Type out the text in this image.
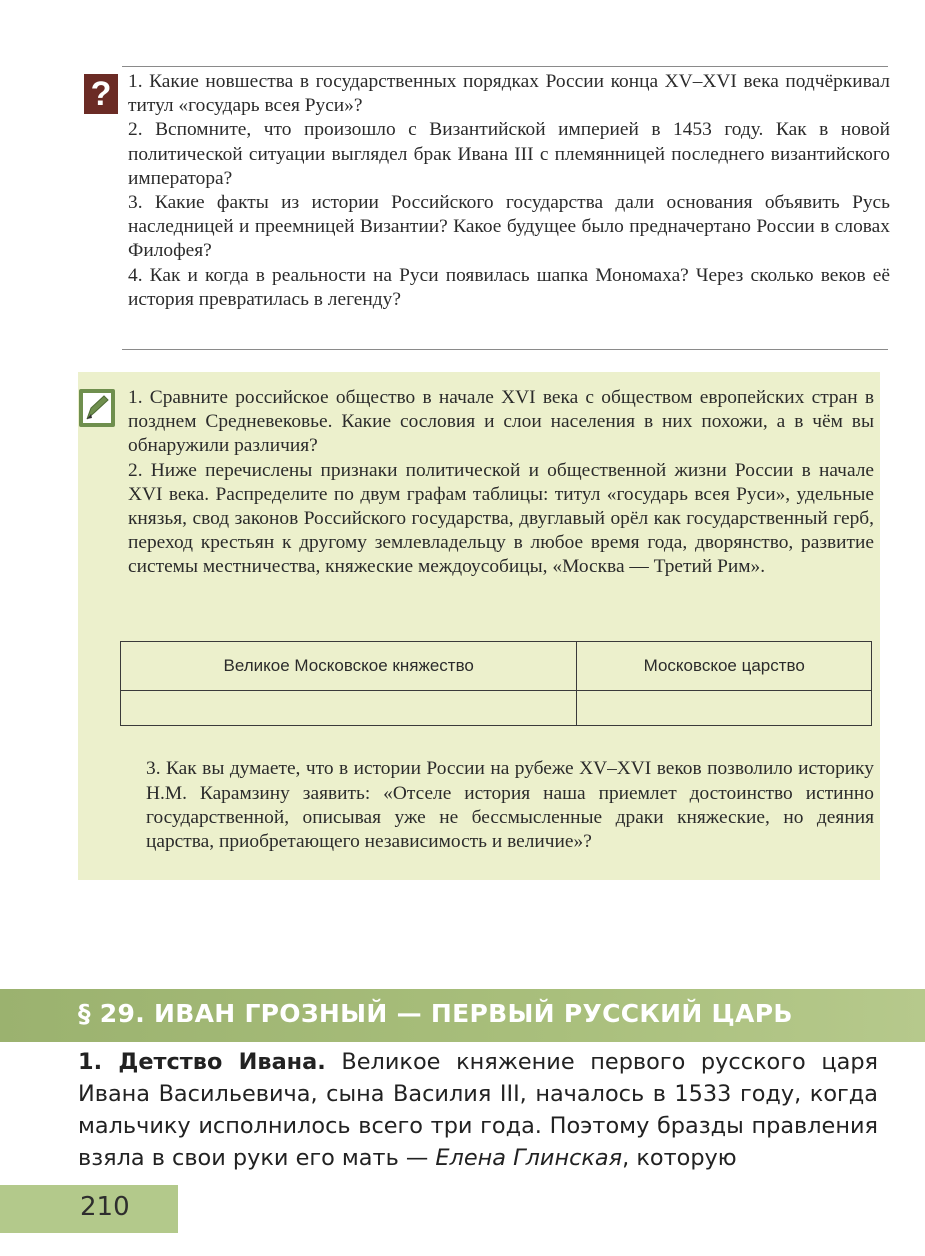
? 1. Какие новшества в государственных порядках России конца XV–XVI века подчёркивал титул «государь всея Руси»?

2. Вспомните, что произошло с Византийской империей в 1453 году. Как в новой политической ситуации выглядел брак Ивана III с племянницей последнего византийского императора?

3. Какие факты из истории Российского государства дали основания объявить Русь наследницей и преемницей Византии? Какое будущее было предначертано России в словах Филофея?

4. Как и когда в реальности на Руси появилась шапка Мономаха? Через сколько веков её история превратилась в легенду?

1. Сравните российское общество в начале XVI века с обществом европейских стран в позднем Средневековье. Какие сословия и слои населения в них похожи, а в чём вы обнаружили различия?

2. Ниже перечислены признаки политической и общественной жизни России в начале XVI века. Распределите по двум графам таблицы: титул «государь всея Руси», удельные князья, свод законов Российского государства, двуглавый орёл как государственный герб, переход крестьян к другому землевладельцу в любое время года, дворянство, развитие системы местничества, княжеские междоусобицы, «Москва — Третий Рим».

Великое Московское княжество	Московское царство

3. Как вы думаете, что в истории России на рубеже XV–XVI веков позволило историку Н.М. Карамзину заявить: «Отселе история наша приемлет достоинство истинно государственной, описывая уже не бессмысленные драки княжеские, но деяния царства, приобретающего независимость и величие»?

§ 29. ИВАН ГРОЗНЫЙ — ПЕРВЫЙ РУССКИЙ ЦАРЬ
1. Детство Ивана. Великое княжение первого русского царя Ивана Васильевича, сына Василия III, началось в 1533 году, когда мальчику исполнилось всего три года. Поэтому бразды правления взяла в свои руки его мать — Елена Глинская, которую
210
